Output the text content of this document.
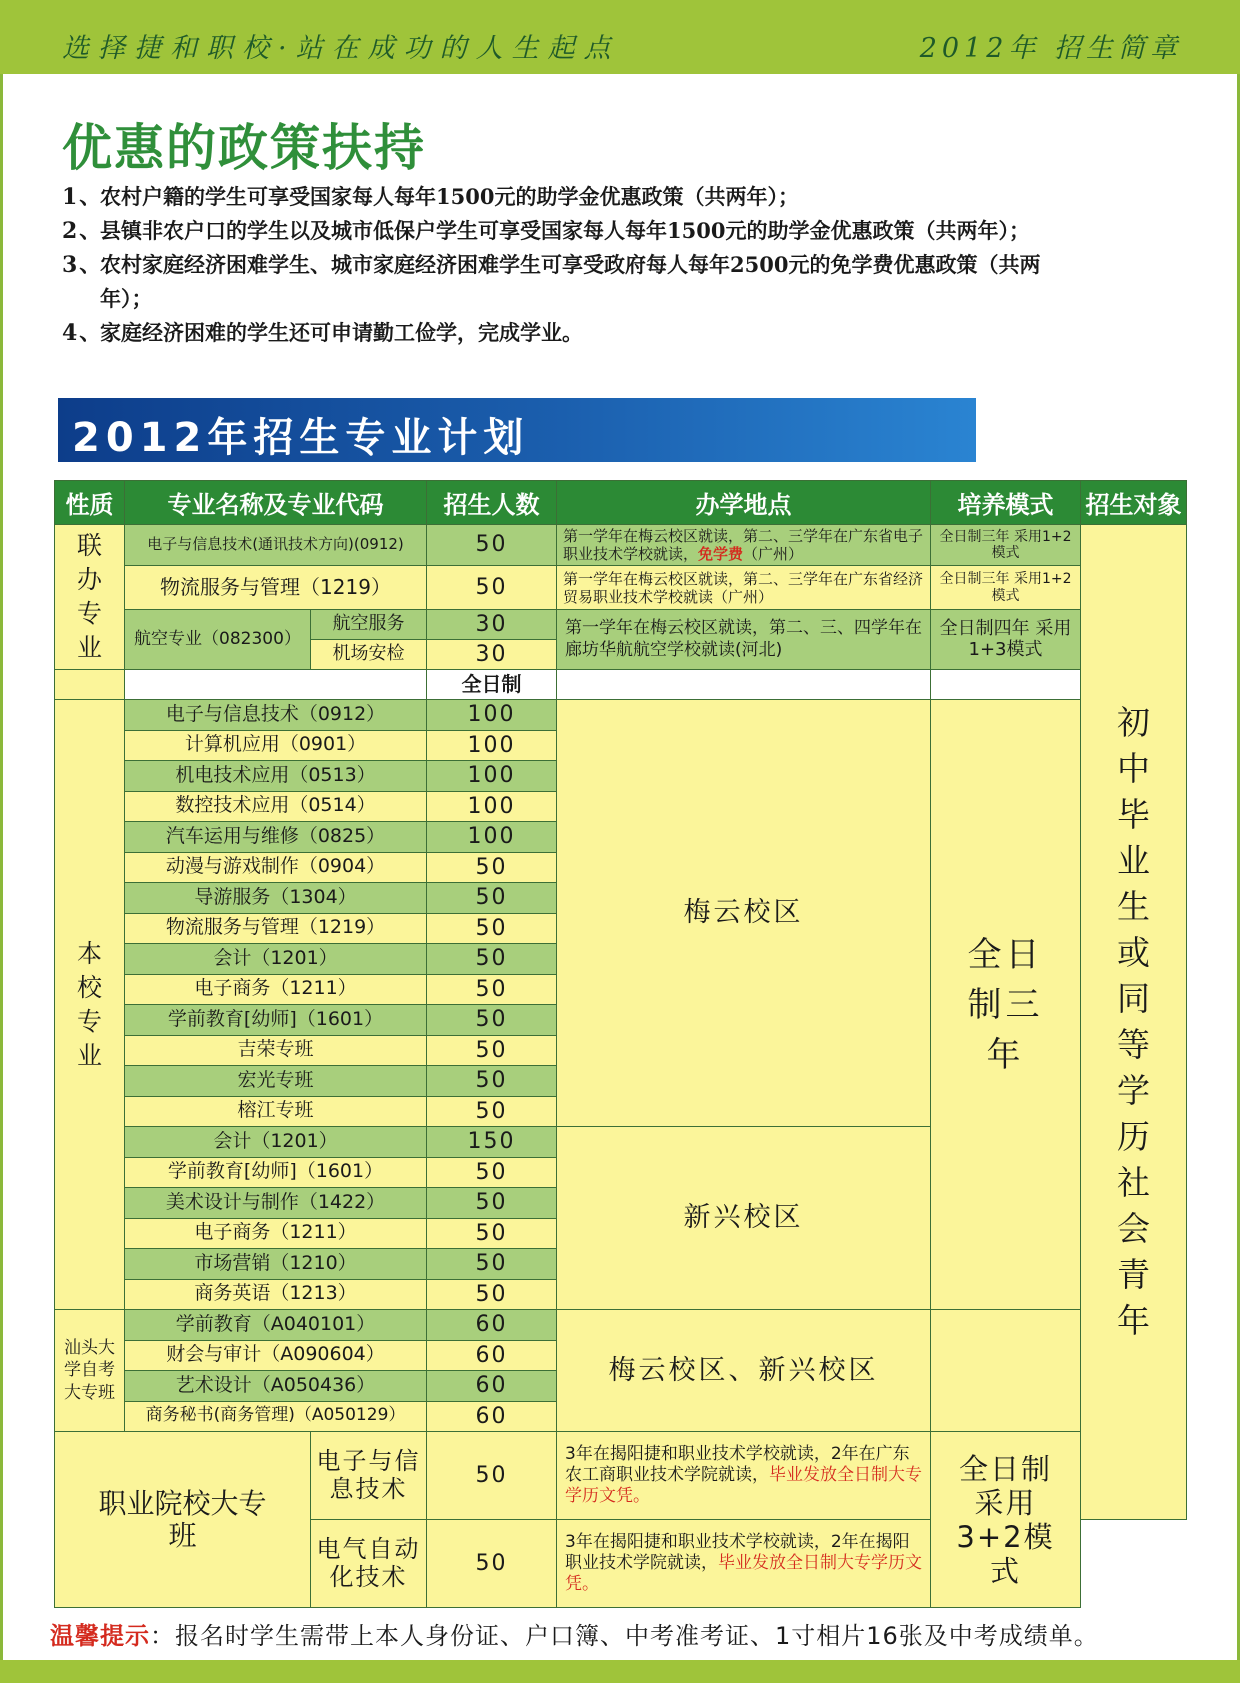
选择捷和职校·站在成功的人生起点	2012年 招生简章
优惠的政策扶持
1、
农村户籍的学生可享受国家每人每年1500元的助学金优惠政策（共两年）；
2、
县镇非农户口的学生以及城市低保户学生可享受国家每人每年1500元的助学金优惠政策（共两年）；
3、
农村家庭经济困难学生、城市家庭经济困难学生可享受政府每人每年2500元的免学费优惠政策（共两年）；
4、
家庭经济困难的学生还可申请勤工俭学，完成学业。
2012年招生专业计划
性质	专业名称及专业代码		招生人数	办学地点	培养模式	招生对象
联办专业	电子与信息技术(通讯技术方向)(0912)		50	第一学年在梅云校区就读，第二、三学年在广东省电子职业技术学校就读，免学费（广州）	全日制三年 采用1+2模式	初中毕业生或同等学历社会青年
	物流服务与管理（1219）		50	第一学年在梅云校区就读，第二、三学年在广东省经济贸易职业技术学校就读（广州）	全日制三年 采用1+2模式	
	航空专业（082300）	航空服务	30	第一学年在梅云校区就读，第二、三、四学年在廊坊华航航空学校就读(河北)	全日制四年 采用1+3模式	
		机场安检	30			
			全日制			
本校专业	电子与信息技术（0912）		100	梅云校区	全日制三年	
	计算机应用（0901）		100			
	机电技术应用（0513）		100			
	数控技术应用（0514）		100			
	汽车运用与维修（0825）		100			
	动漫与游戏制作（0904）		50			
	导游服务（1304）		50			
	物流服务与管理（1219）		50			
	会计（1201）		50			
	电子商务（1211）		50			
	学前教育[幼师]（1601）		50			
	吉荣专班		50			
	宏光专班		50			
	榕江专班		50			
	会计（1201）		150	新兴校区		
	学前教育[幼师]（1601）		50			
	美术设计与制作（1422）		50			
	电子商务（1211）		50			
	市场营销（1210）		50			
	商务英语（1213）		50			
汕头大学自考大专班	学前教育（A040101）		60	梅云校区、新兴校区		
	财会与审计（A090604）		60			
	艺术设计（A050436）		60			
	商务秘书(商务管理)（A050129）		60			
职业院校大专班		电子与信息技术	50	3年在揭阳捷和职业技术学校就读，2年在广东农工商职业技术学院就读，毕业发放全日制大专学历文凭。	全日制采用3+2模式	
		电气自动化技术	50	3年在揭阳捷和职业技术学校就读，2年在揭阳职业技术学院就读，毕业发放全日制大专学历文凭。		
温馨提示：报名时学生需带上本人身份证、户口簿、中考准考证、1寸相片16张及中考成绩单。
